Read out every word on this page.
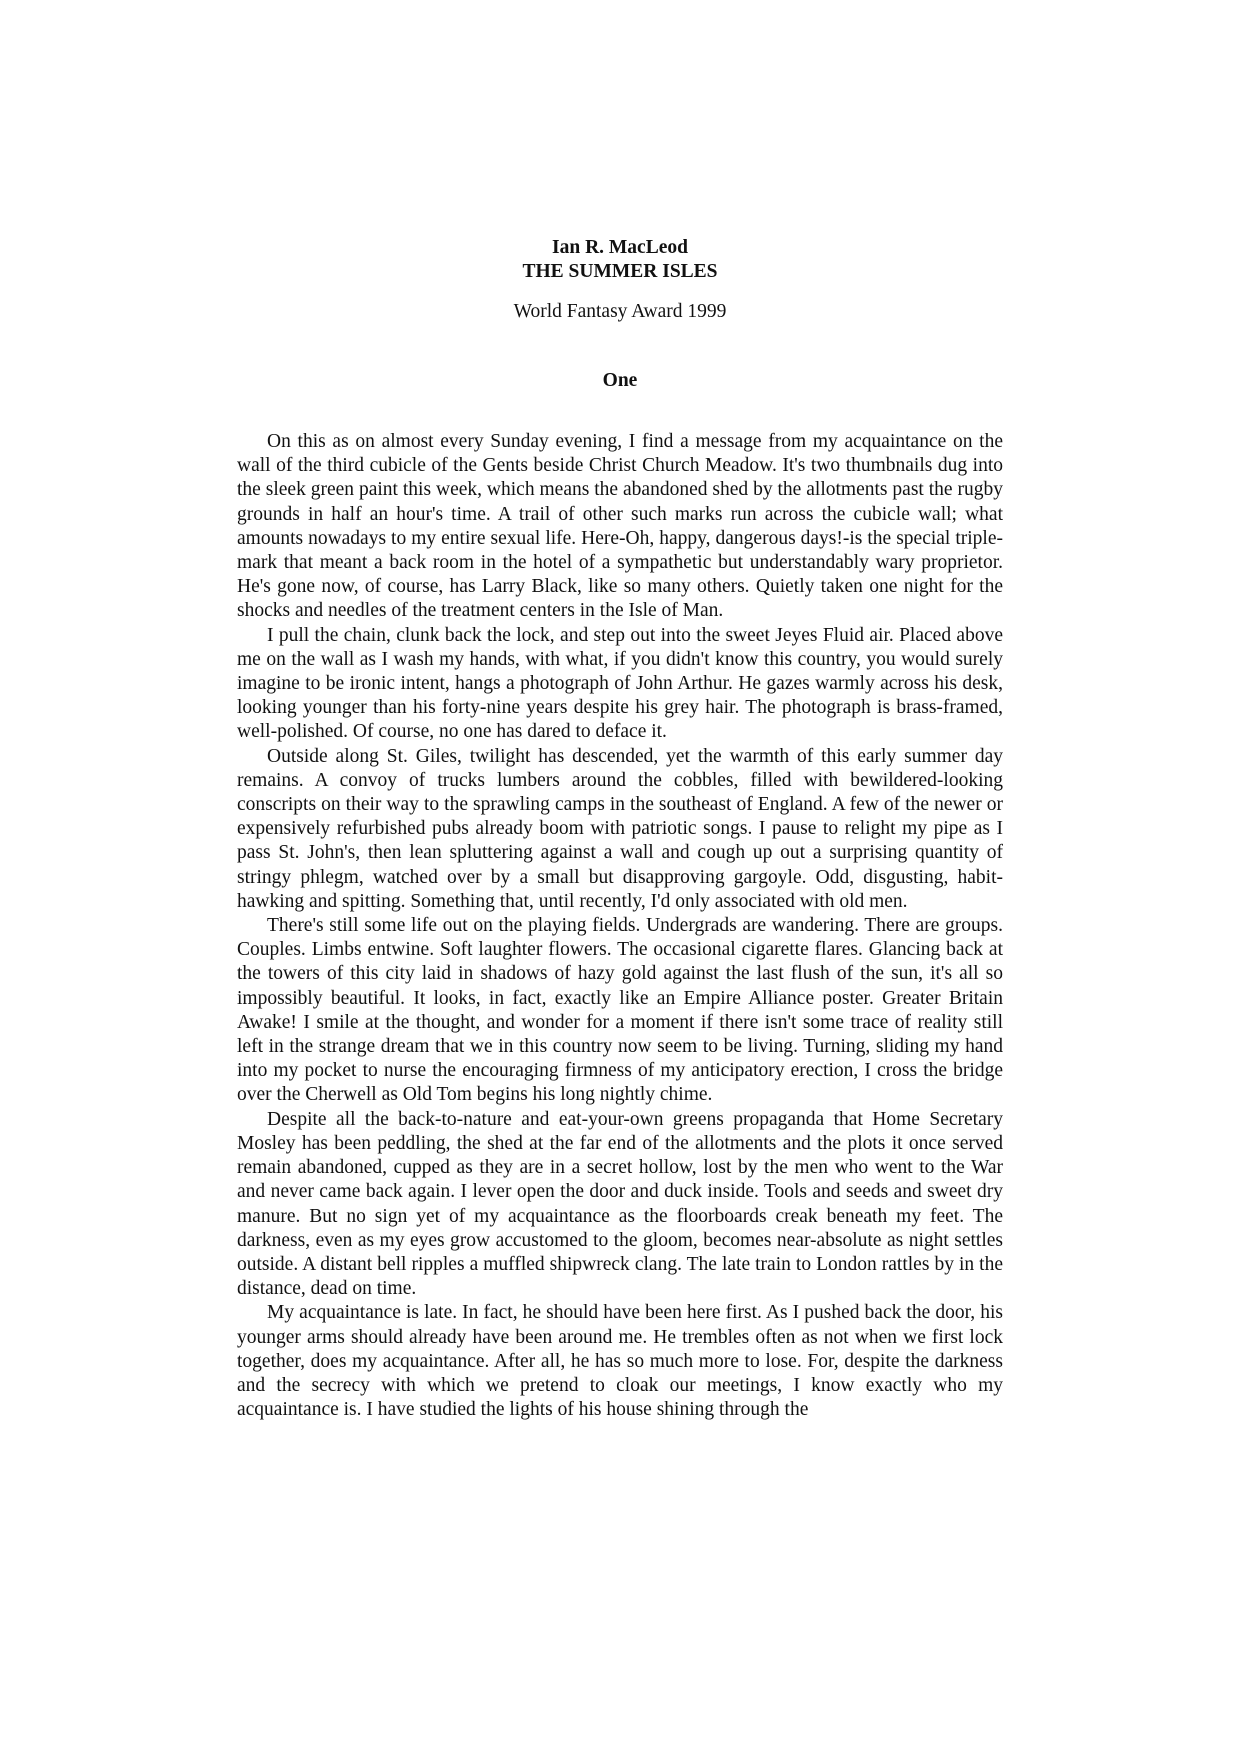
Ian R. MacLeod
THE SUMMER ISLES
World Fantasy Award 1999
One

On this as on almost every Sunday evening, I find a message from my acquaintance on the wall of the third cubicle of the Gents beside Christ Church Meadow. It's two thumbnails dug into the sleek green paint this week, which means the abandoned shed by the allotments past the rugby grounds in half an hour's time. A trail of other such marks run across the cubicle wall; what amounts nowadays to my entire sexual life. Here-Oh, happy, dangerous days!-is the special triple-mark that meant a back room in the hotel of a sympathetic but understandably wary proprietor. He's gone now, of course, has Larry Black, like so many others. Quietly taken one night for the shocks and needles of the treatment centers in the Isle of Man.

I pull the chain, clunk back the lock, and step out into the sweet Jeyes Fluid air. Placed above me on the wall as I wash my hands, with what, if you didn't know this country, you would surely imagine to be ironic intent, hangs a photograph of John Arthur. He gazes warmly across his desk, looking younger than his forty-nine years despite his grey hair. The photograph is brass-framed, well-polished. Of course, no one has dared to deface it.

Outside along St. Giles, twilight has descended, yet the warmth of this early summer day remains. A convoy of trucks lumbers around the cobbles, filled with bewildered-looking conscripts on their way to the sprawling camps in the southeast of England. A few of the newer or expensively refurbished pubs already boom with patriotic songs. I pause to relight my pipe as I pass St. John's, then lean spluttering against a wall and cough up out a surprising quantity of stringy phlegm, watched over by a small but disapproving gargoyle. Odd, disgusting, habit-hawking and spitting. Something that, until recently, I'd only associated with old men.

There's still some life out on the playing fields. Undergrads are wandering. There are groups. Couples. Limbs entwine. Soft laughter flowers. The occasional cigarette flares. Glancing back at the towers of this city laid in shadows of hazy gold against the last flush of the sun, it's all so impossibly beautiful. It looks, in fact, exactly like an Empire Alliance poster. Greater Britain Awake! I smile at the thought, and wonder for a moment if there isn't some trace of reality still left in the strange dream that we in this country now seem to be living. Turning, sliding my hand into my pocket to nurse the encouraging firmness of my anticipatory erection, I cross the bridge over the Cherwell as Old Tom begins his long nightly chime.

Despite all the back-to-nature and eat-your-own greens propaganda that Home Secretary Mosley has been peddling, the shed at the far end of the allotments and the plots it once served remain abandoned, cupped as they are in a secret hollow, lost by the men who went to the War and never came back again. I lever open the door and duck inside. Tools and seeds and sweet dry manure. But no sign yet of my acquaintance as the floorboards creak beneath my feet. The darkness, even as my eyes grow accustomed to the gloom, becomes near-absolute as night settles outside. A distant bell ripples a muffled shipwreck clang. The late train to London rattles by in the distance, dead on time.

My acquaintance is late. In fact, he should have been here first. As I pushed back the door, his younger arms should already have been around me. He trembles often as not when we first lock together, does my acquaintance. After all, he has so much more to lose. For, despite the darkness and the secrecy with which we pretend to cloak our meetings, I know exactly who my acquaintance is. I have studied the lights of his house shining through the
